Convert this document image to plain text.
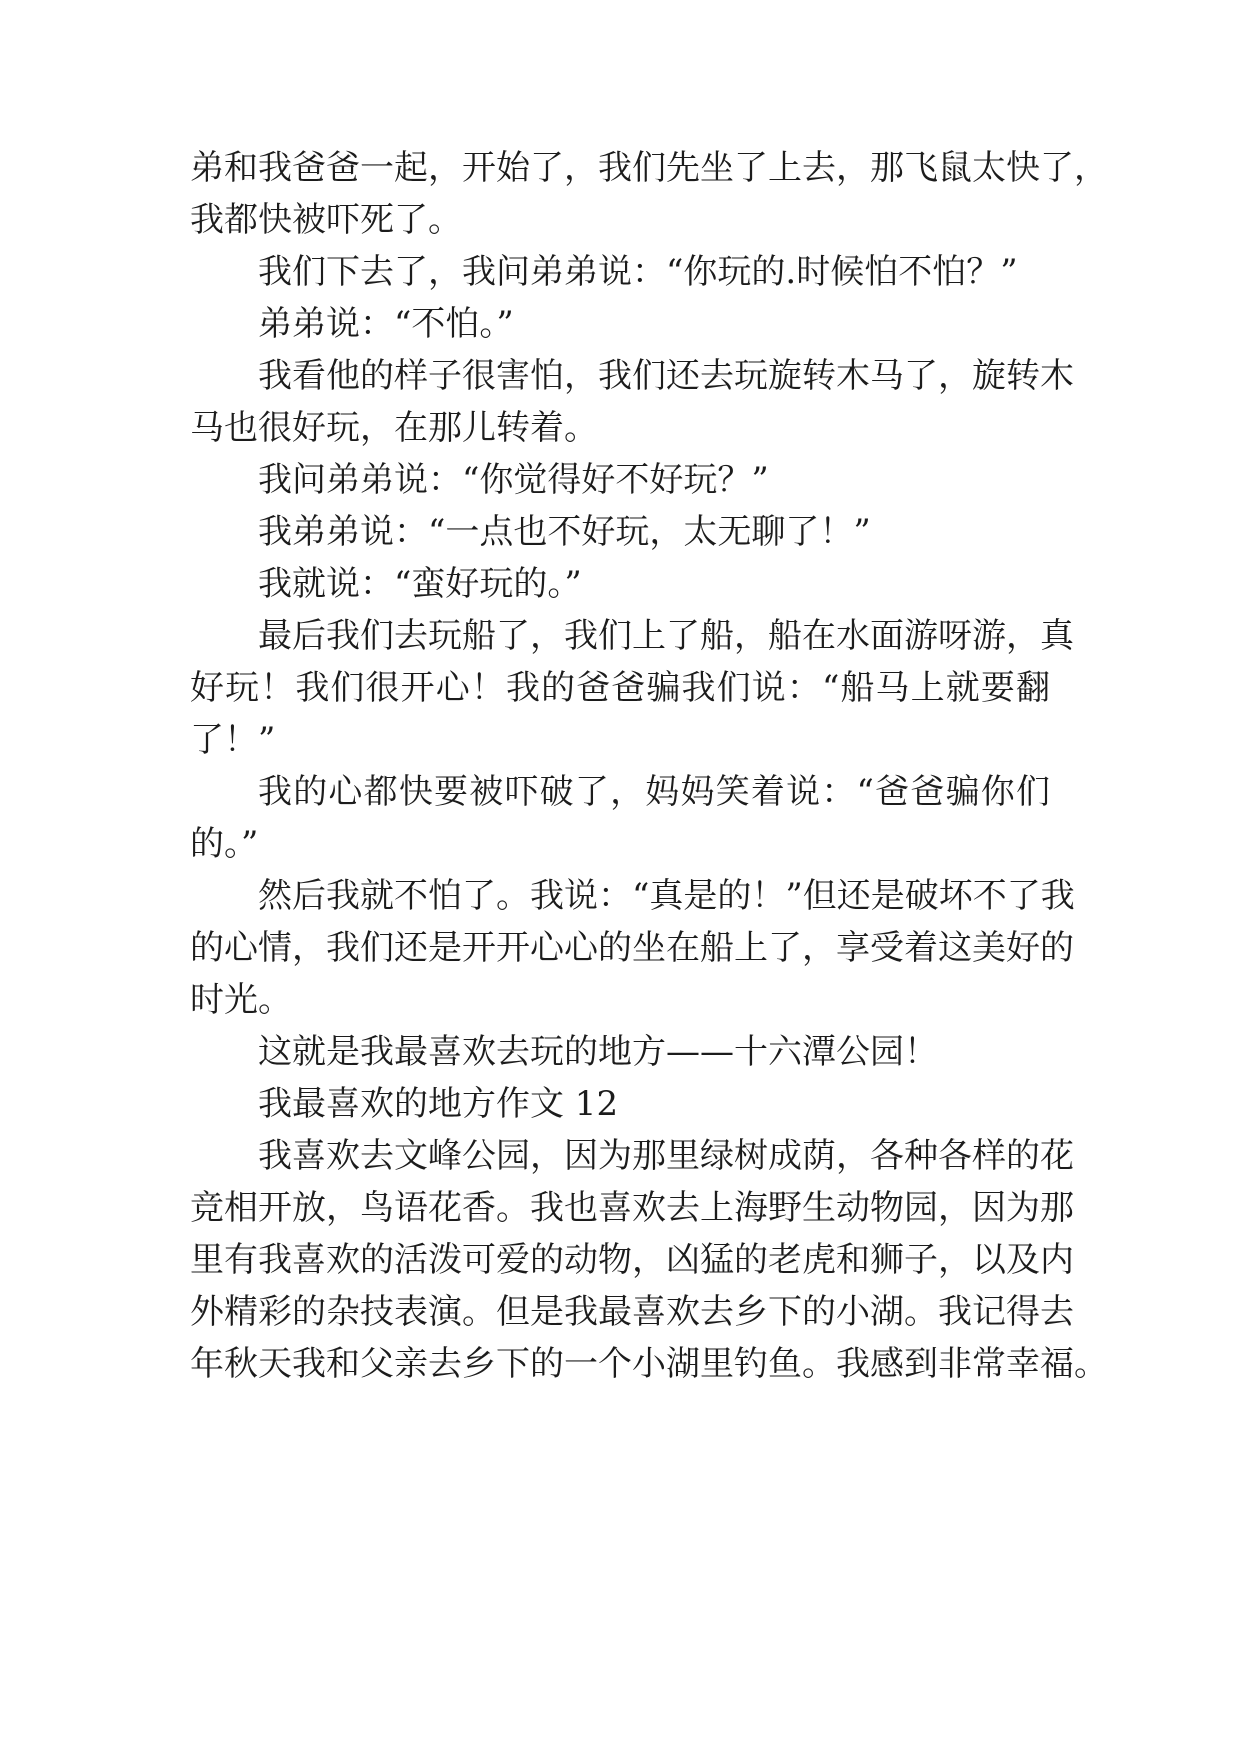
弟和我爸爸一起，开始了，我们先坐了上去，那飞鼠太快了，
我都快被吓死了。
我们下去了，我问弟弟说：“你玩的.时候怕不怕？”
弟弟说：“不怕。”
我看他的样子很害怕，我们还去玩旋转木马了，旋转木
马也很好玩，在那儿转着。
我问弟弟说：“你觉得好不好玩？”
我弟弟说：“一点也不好玩，太无聊了！”
我就说：“蛮好玩的。”
最后我们去玩船了，我们上了船，船在水面游呀游，真
好玩！我们很开心！我的爸爸骗我们说：“船马上就要翻
了！”
我的心都快要被吓破了，妈妈笑着说：“爸爸骗你们
的。”
然后我就不怕了。我说：“真是的！”但还是破坏不了我
的心情，我们还是开开心心的坐在船上了，享受着这美好的
时光。
这就是我最喜欢去玩的地方——十六潭公园！
我最喜欢的地方作文 12
我喜欢去文峰公园，因为那里绿树成荫，各种各样的花
竞相开放，鸟语花香。我也喜欢去上海野生动物园，因为那
里有我喜欢的活泼可爱的动物，凶猛的老虎和狮子，以及内
外精彩的杂技表演。但是我最喜欢去乡下的小湖。我记得去
年秋天我和父亲去乡下的一个小湖里钓鱼。我感到非常幸福。
